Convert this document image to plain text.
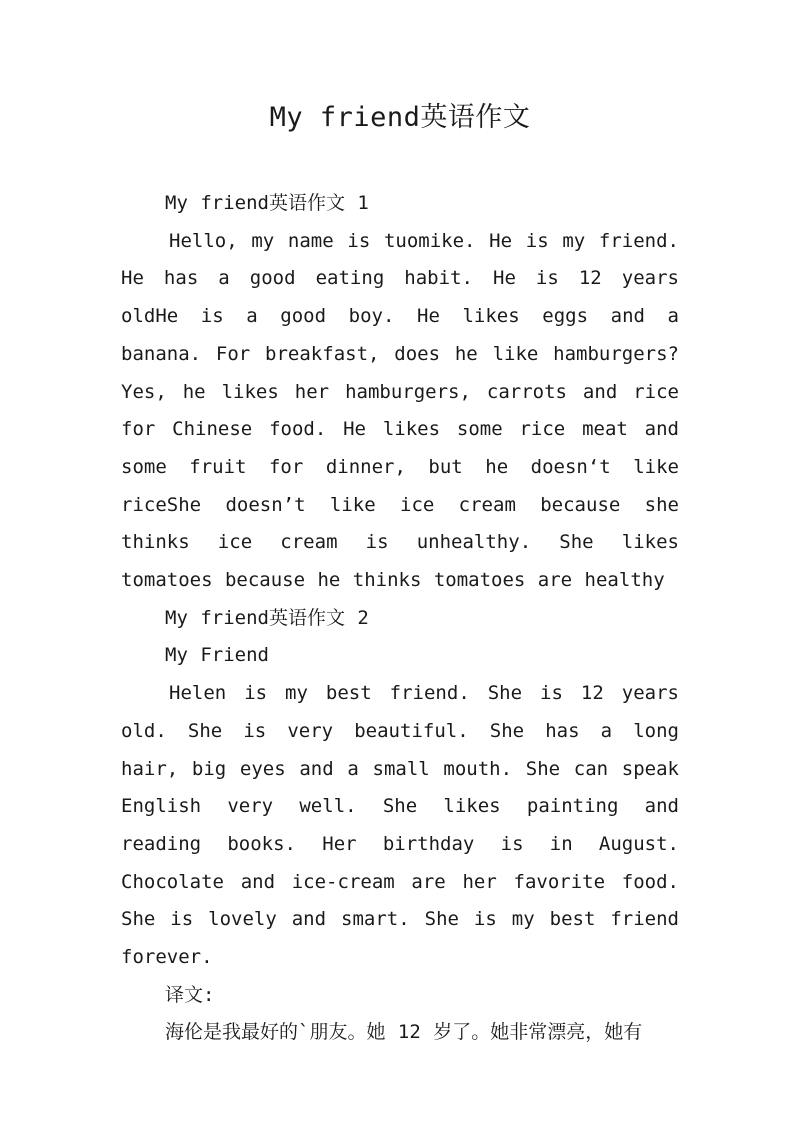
My friend英语作文

My friend英语作文 1

Hello, my name is tuomike. He is my friend. He has a good eating habit. He is 12 years oldHe is a good boy. He likes eggs and a banana. For breakfast, does he like hamburgers? Yes, he likes her hamburgers, carrots and rice for Chinese food. He likes some rice meat and some fruit for dinner, but he doesn‘t like riceShe doesn’t like ice cream because she thinks ice cream is unhealthy. She likes tomatoes because he thinks tomatoes are healthy

My friend英语作文 2

My Friend

Helen is my best friend. She is 12 years old. She is very beautiful. She has a long hair, big eyes and a small mouth. She can speak English very well. She likes painting and reading books. Her birthday is in August. Chocolate and ice-cream are her favorite food. She is lovely and smart. She is my best friend forever.

译文:

海伦是我最好的`朋友。她 12 岁了。她非常漂亮，她有
